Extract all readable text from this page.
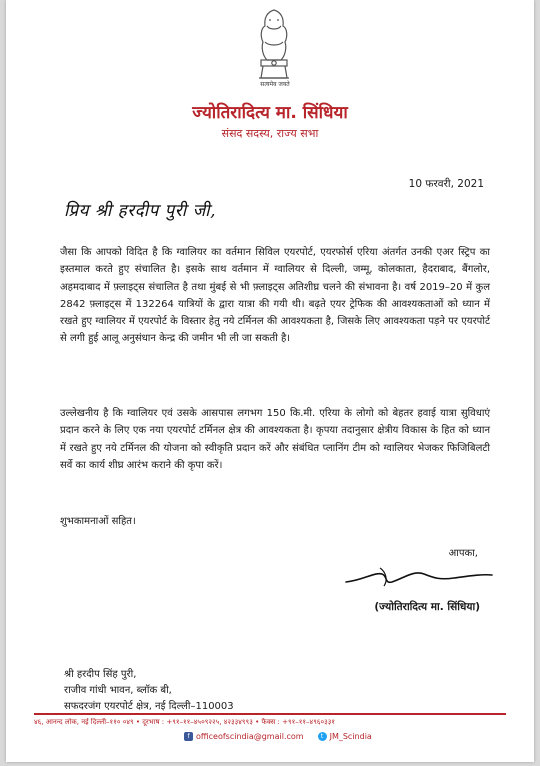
सत्यमेव जयते
ज्योतिरादित्य मा. सिंधिया
संसद सदस्य, राज्य सभा
10 फरवरी, 2021
प्रिय श्री हरदीप पुरी जी,

जैसा कि आपको विदित है कि ग्वालियर का वर्तमान सिविल एयरपोर्ट, एयरफोर्स एरिया अंतर्गत उनकी एअर स्ट्रिप का इस्तमाल करते हुए संचालित है। इसके साथ वर्तमान में ग्वालियर से दिल्ली, जम्मू, कोलकाता, हैदराबाद, बैंगलोर, अहमदाबाद में फ़्लाइट्स संचालित है तथा मुंबई से भी फ़्लाइट्स अतिशीघ्र चलने की संभावना है। वर्ष 2019–20 में कुल 2842 फ़्लाइट्स में 132264 यात्रियों के द्वारा यात्रा की गयी थी। बढ़ते एयर ट्रेफिक की आवश्यकताओं को ध्यान में रखते हुए ग्वालियर में एयरपोर्ट के विस्तार हेतु नये टर्मिनल की आवश्यकता है, जिसके लिए आवश्यकता पड़ने पर एयरपोर्ट से लगी हुई आलू अनुसंधान केन्द्र की जमीन भी ली जा सकती है।

उल्लेखनीय है कि ग्वालियर एवं उसके आसपास लगभग 150 कि.मी. एरिया के लोगो को बेहतर हवाई यात्रा सुविधाएं प्रदान करने के लिए एक नया एयरपोर्ट टर्मिनल क्षेत्र की आवश्यकता है। कृपया तदानुसार क्षेत्रीय विकास के हित को ध्यान में रखते हुए नये टर्मिनल की योजना को स्वीकृति प्रदान करें और संबंधित प्लानिंग टीम को ग्वालियर भेजकर फिजिबिलटी सर्वे का कार्य शीघ्र आरंभ कराने की कृपा करें।

शुभकामनाओं सहित।
आपका,
(ज्योतिरादित्य मा. सिंधिया)
श्री हरदीप सिंह पुरी,
राजीव गांधी भावन, ब्लॉक बी,
सफदरजंग एयरपोर्ट क्षेत्र, नई दिल्ली–110003
४६, आनन्द लोक, नई दिल्ली–११० ०४९ • दूरभाष : +९१–११–४५०९२२५, ४२३३४९९३ • फैक्स : +९१–११–४९६०३३१
f officeofscindia@gmail.com	t JM_Scindia
